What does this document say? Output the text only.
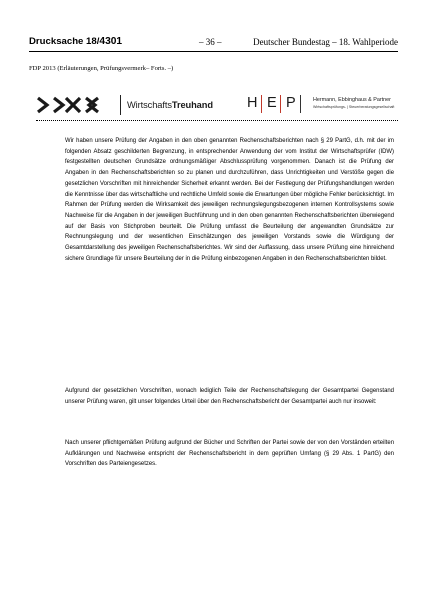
Drucksache 18/4301	– 36 –	Deutscher Bundestag – 18. Wahlperiode
FDP 2013 (Erläuterungen, Prüfungsvermerk– Forts. –)
WirtschaftsTreuhand H E P	Hermann, Ebbinghaus & Partner
Wirtschaftsprüfungs- | Steuerberatungsgesellschaft
Wir haben unsere Prüfung der Angaben in den oben genannten Rechenschaftsberichten nach § 29 PartG, d.h. mit der im folgenden Absatz geschilderten Begrenzung, in entsprechender Anwendung der vom Institut der Wirtschaftsprüfer (IDW) festgestellten deutschen Grundsätze ordnungsmäßiger Abschlussprüfung vorgenommen. Danach ist die Prüfung der Angaben in den Rechenschaftsberichten so zu planen und durchzuführen, dass Unrichtigkeiten und Verstöße gegen die gesetzlichen Vorschriften mit hinreichender Sicherheit erkannt werden. Bei der Festlegung der Prüfungshandlungen werden die Kenntnisse über das wirtschaftliche und rechtliche Umfeld sowie die Erwartungen über mögliche Fehler berücksichtigt. Im Rahmen der Prüfung werden die Wirksamkeit des jeweiligen rechnungslegungsbezogenen internen Kontrollsystems sowie Nachweise für die Angaben in der jeweiligen Buchführung und in den oben genannten Rechenschaftsberichten überwiegend auf der Basis von Stichproben beurteilt. Die Prüfung umfasst die Beurteilung der angewandten Grundsätze zur Rechnungslegung und der wesentlichen Einschätzungen des jeweiligen Vorstands sowie die Würdigung der Gesamtdarstellung des jeweiligen Rechenschaftsberichtes. Wir sind der Auffassung, dass unsere Prüfung eine hinreichend sichere Grundlage für unsere Beurteilung der in die Prüfung einbezogenen Angaben in den Rechenschaftsberichten bildet.
Aufgrund der gesetzlichen Vorschriften, wonach lediglich Teile der Rechenschaftslegung der Gesamtpartei Gegenstand unserer Prüfung waren, gilt unser folgendes Urteil über den Rechenschaftsbericht der Gesamtpartei auch nur insoweit:
Nach unserer pflichtgemäßen Prüfung aufgrund der Bücher und Schriften der Partei sowie der von den Vorständen erteilten Aufklärungen und Nachweise entspricht der Rechenschaftsbericht in dem geprüften Umfang (§ 29 Abs. 1 PartG) den Vorschriften des Parteiengesetzes.
